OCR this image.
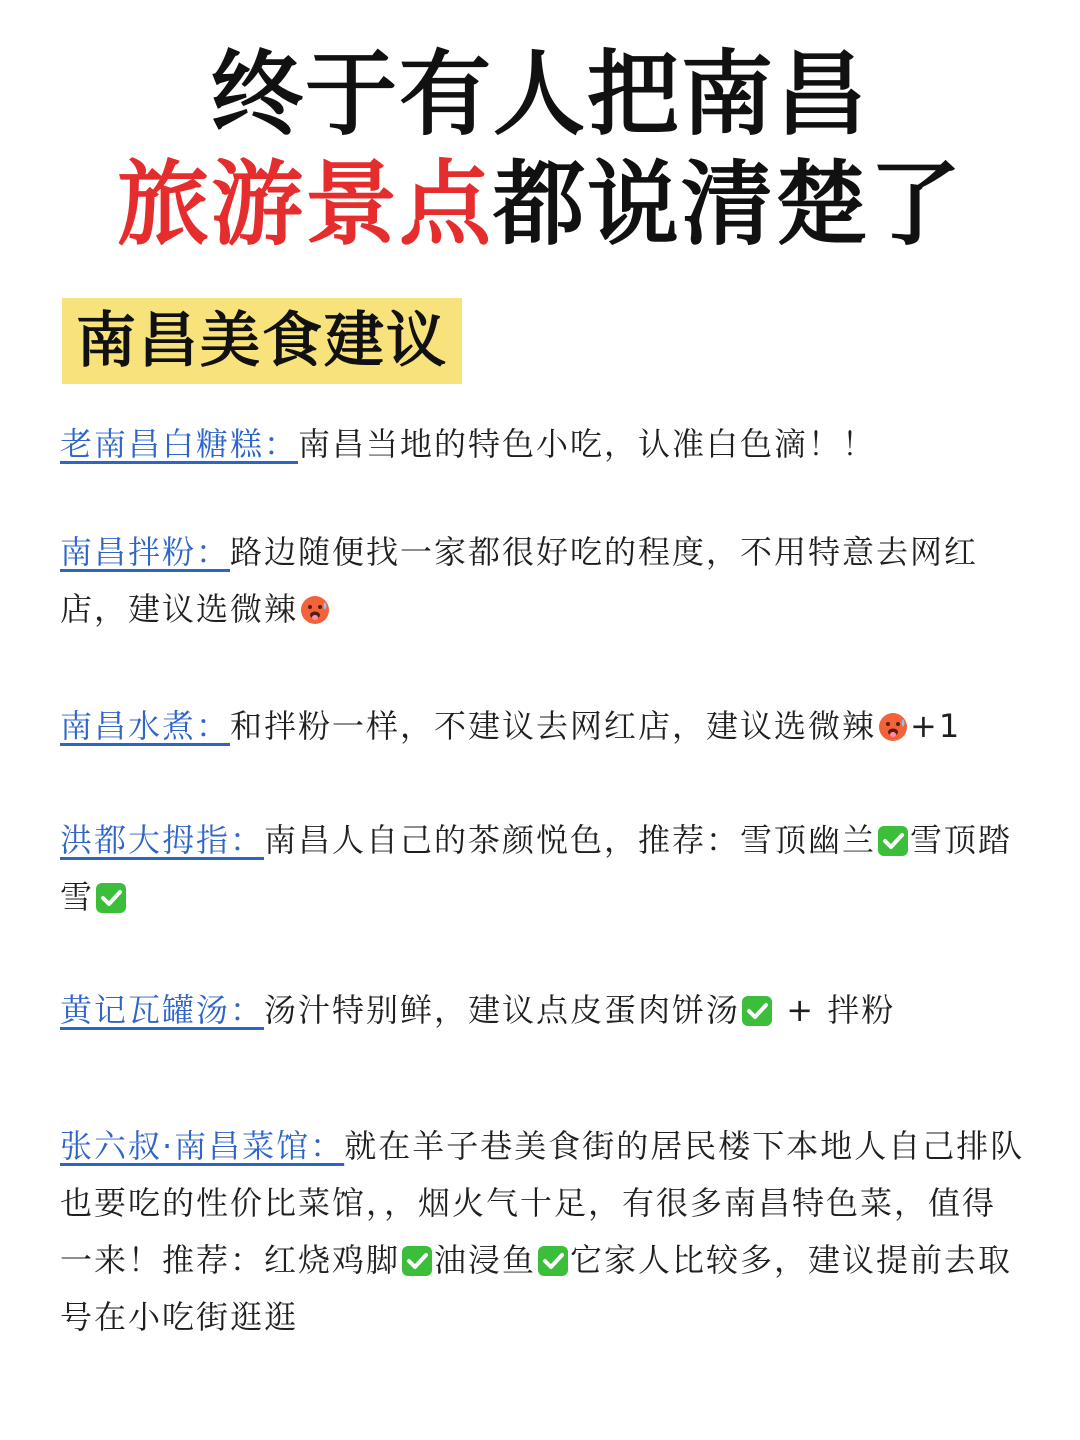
终于有人把南昌
旅游景点都说清楚了
南昌美食建议
老南昌白糖糕：南昌当地的特色小吃，认准白色滴！！
南昌拌粉：路边随便找一家都很好吃的程度，不用特意去网红店，建议选微辣
南昌水煮：和拌粉一样，不建议去网红店，建议选微辣 +1
洪都大拇指：南昌人自己的茶颜悦色，推荐：雪顶幽兰 雪顶踏雪
黄记瓦罐汤：汤汁特别鲜，建议点皮蛋肉饼汤 + 拌粉
张六叔·南昌菜馆：就在羊子巷美食街的居民楼下本地人自己排队也要吃的性价比菜馆，，烟火气十足，有很多南昌特色菜，值得一来！推荐：红烧鸡脚 油浸鱼 它家人比较多，建议提前去取号在小吃街逛逛
